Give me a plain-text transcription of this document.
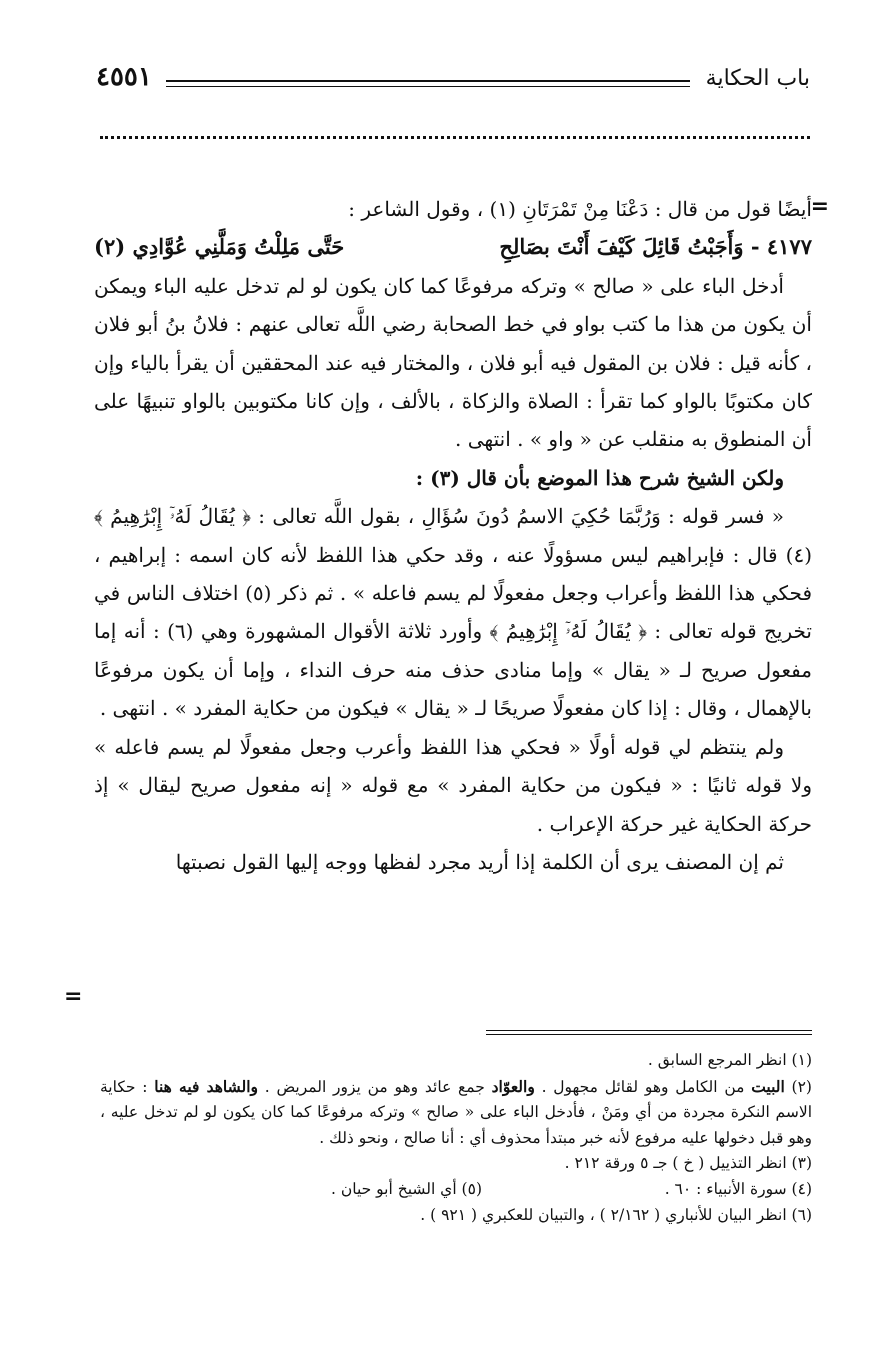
باب الحكاية
٤٥٥١
=

أيضًا قول من قال : دَعْنَا مِنْ تَمْرَتَانِ (١) ، وقول الشاعر :

٤١٧٧ - وَأَجَبْتُ قَائِلَ كَيْفَ أَنْتَ بصَالِحِ
حَتَّى مَلِلْتُ وَمَلَّنِي عُوَّادِي (٢)

أدخل الباء على « صالح » وتركه مرفوعًا كما كان يكون لو لم تدخل عليه الباء ويمكن أن يكون من هذا ما كتب بواو في خط الصحابة رضي اللَّه تعالى عنهم : فلانُ بنُ أبو فلان ، كأنه قيل : فلان بن المقول فيه أبو فلان ، والمختار فيه عند المحققين أن يقرأ بالياء وإن كان مكتوبًا بالواو كما تقرأ : الصلاة والزكاة ، بالألف ، وإن كانا مكتوبين بالواو تنبيهًا على أن المنطوق به منقلب عن « واو » . انتهى .

ولكن الشيخ شرح هذا الموضع بأن قال (٣) :

« فسر قوله : وَرُبَّمَا حُكِيَ الاسمُ دُونَ سُؤَالِ ، بقول اللَّه تعالى : ﴿ يُقَالُ لَهُۥٓ إِبْرَٰهِيمُ ﴾ (٤) قال : فإبراهيم ليس مسؤولًا عنه ، وقد حكي هذا اللفظ لأنه كان اسمه : إبراهيم ، فحكي هذا اللفظ وأعراب وجعل مفعولًا لم يسم فاعله » . ثم ذكر (٥) اختلاف الناس في تخريج قوله تعالى : ﴿ يُقَالُ لَهُۥٓ إِبْرَٰهِيمُ ﴾ وأورد ثلاثة الأقوال المشهورة وهي (٦) : أنه إما مفعول صريح لـ « يقال » وإما منادى حذف منه حرف النداء ، وإما أن يكون مرفوعًا بالإهمال ، وقال : إذا كان مفعولًا صريحًا لـ « يقال » فيكون من حكاية المفرد » . انتهى .

ولم ينتظم لي قوله أولًا « فحكي هذا اللفظ وأعرب وجعل مفعولًا لم يسم فاعله » ولا قوله ثانيًا : « فيكون من حكاية المفرد » مع قوله « إنه مفعول صريح ليقال » إذ حركة الحكاية غير حركة الإعراب .

ثم إن المصنف يرى أن الكلمة إذا أريد مجرد لفظها ووجه إليها القول نصبتها

=

(١) انظر المرجع السابق .

(٢) البيت من الكامل وهو لقائل مجهول . والعوّاد جمع عائد وهو من يزور المريض . والشاهد فيه هنا : حكاية الاسم النكرة مجردة من أي ومَنْ ، فأدخل الباء على « صالح » وتركه مرفوعًا كما كان يكون لو لم تدخل عليه ، وهو قبل دخولها عليه مرفوع لأنه خبر مبتدأ محذوف أي : أنا صالح ، ونحو ذلك .

(٣) انظر التذييل ( خ ) جـ ٥ ورقة ٢١٢ .

(٤) سورة الأنبياء : ٦٠ .
(٥) أي الشيخ أبو حيان .

(٦) انظر البيان للأنباري ( ٢/١٦٢ ) ، والتبيان للعكبري ( ٩٢١ ) .
